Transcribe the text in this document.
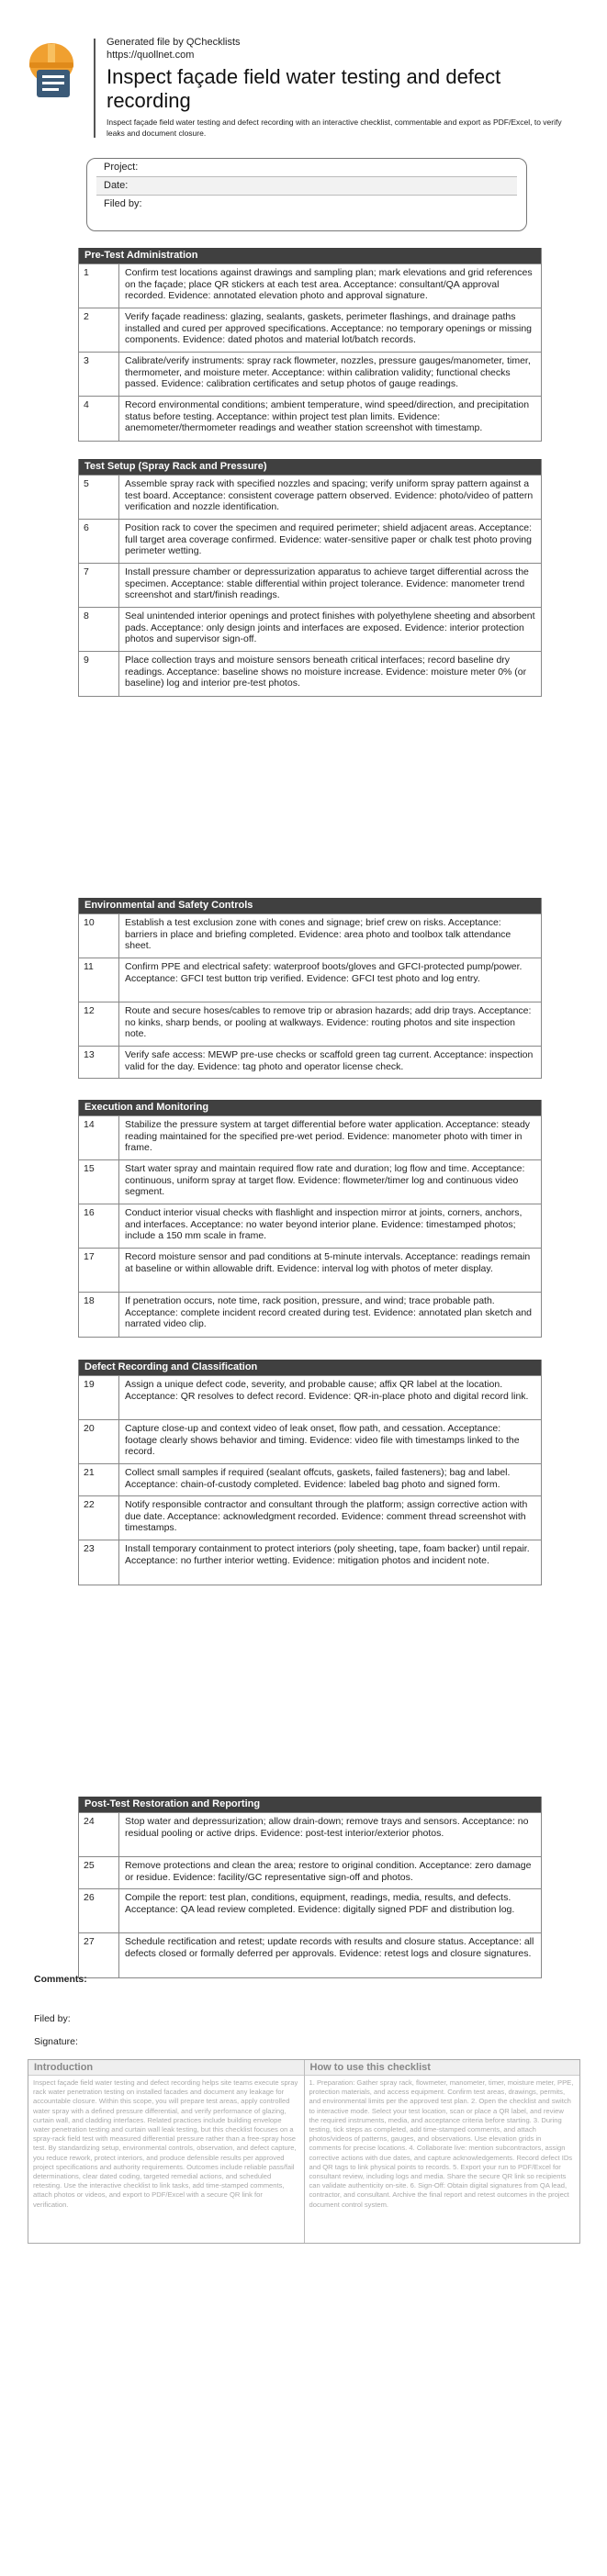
Generated file by QChecklists
https://quollnet.com
Inspect façade field water testing and defect recording
Inspect façade field water testing and defect recording with an interactive checklist, commentable and export as PDF/Excel, to verify leaks and document closure.
Project:
Date:
Filed by:
Pre-Test Administration
1	Confirm test locations against drawings and sampling plan; mark elevations and grid references on the façade; place QR stickers at each test area. Acceptance: consultant/QA approval recorded. Evidence: annotated elevation photo and approval signature.
2	Verify façade readiness: glazing, sealants, gaskets, perimeter flashings, and drainage paths installed and cured per approved specifications. Acceptance: no temporary openings or missing components. Evidence: dated photos and material lot/batch records.
3	Calibrate/verify instruments: spray rack flowmeter, nozzles, pressure gauges/manometer, timer, thermometer, and moisture meter. Acceptance: within calibration validity; functional checks passed. Evidence: calibration certificates and setup photos of gauge readings.
4	Record environmental conditions; ambient temperature, wind speed/direction, and precipitation status before testing. Acceptance: within project test plan limits. Evidence: anemometer/thermometer readings and weather station screenshot with timestamp.
Test Setup (Spray Rack and Pressure)
5	Assemble spray rack with specified nozzles and spacing; verify uniform spray pattern against a test board. Acceptance: consistent coverage pattern observed. Evidence: photo/video of pattern verification and nozzle identification.
6	Position rack to cover the specimen and required perimeter; shield adjacent areas. Acceptance: full target area coverage confirmed. Evidence: water-sensitive paper or chalk test photo proving perimeter wetting.
7	Install pressure chamber or depressurization apparatus to achieve target differential across the specimen. Acceptance: stable differential within project tolerance. Evidence: manometer trend screenshot and start/finish readings.
8	Seal unintended interior openings and protect finishes with polyethylene sheeting and absorbent pads. Acceptance: only design joints and interfaces are exposed. Evidence: interior protection photos and supervisor sign-off.
9	Place collection trays and moisture sensors beneath critical interfaces; record baseline dry readings. Acceptance: baseline shows no moisture increase. Evidence: moisture meter 0% (or baseline) log and interior pre-test photos.
Environmental and Safety Controls
10	Establish a test exclusion zone with cones and signage; brief crew on risks. Acceptance: barriers in place and briefing completed. Evidence: area photo and toolbox talk attendance sheet.
11	Confirm PPE and electrical safety: waterproof boots/gloves and GFCI-protected pump/power. Acceptance: GFCI test button trip verified. Evidence: GFCI test photo and log entry.
12	Route and secure hoses/cables to remove trip or abrasion hazards; add drip trays. Acceptance: no kinks, sharp bends, or pooling at walkways. Evidence: routing photos and site inspection note.
13	Verify safe access: MEWP pre-use checks or scaffold green tag current. Acceptance: inspection valid for the day. Evidence: tag photo and operator license check.
Execution and Monitoring
14	Stabilize the pressure system at target differential before water application. Acceptance: steady reading maintained for the specified pre-wet period. Evidence: manometer photo with timer in frame.
15	Start water spray and maintain required flow rate and duration; log flow and time. Acceptance: continuous, uniform spray at target flow. Evidence: flowmeter/timer log and continuous video segment.
16	Conduct interior visual checks with flashlight and inspection mirror at joints, corners, anchors, and interfaces. Acceptance: no water beyond interior plane. Evidence: timestamped photos; include a 150 mm scale in frame.
17	Record moisture sensor and pad conditions at 5-minute intervals. Acceptance: readings remain at baseline or within allowable drift. Evidence: interval log with photos of meter display.
18	If penetration occurs, note time, rack position, pressure, and wind; trace probable path. Acceptance: complete incident record created during test. Evidence: annotated plan sketch and narrated video clip.
Defect Recording and Classification
19	Assign a unique defect code, severity, and probable cause; affix QR label at the location. Acceptance: QR resolves to defect record. Evidence: QR-in-place photo and digital record link.
20	Capture close-up and context video of leak onset, flow path, and cessation. Acceptance: footage clearly shows behavior and timing. Evidence: video file with timestamps linked to the record.
21	Collect small samples if required (sealant offcuts, gaskets, failed fasteners); bag and label. Acceptance: chain-of-custody completed. Evidence: labeled bag photo and signed form.
22	Notify responsible contractor and consultant through the platform; assign corrective action with due date. Acceptance: acknowledgment recorded. Evidence: comment thread screenshot with timestamps.
23	Install temporary containment to protect interiors (poly sheeting, tape, foam backer) until repair. Acceptance: no further interior wetting. Evidence: mitigation photos and incident note.
Post-Test Restoration and Reporting
24	Stop water and depressurization; allow drain-down; remove trays and sensors. Acceptance: no residual pooling or active drips. Evidence: post-test interior/exterior photos.
25	Remove protections and clean the area; restore to original condition. Acceptance: zero damage or residue. Evidence: facility/GC representative sign-off and photos.
26	Compile the report: test plan, conditions, equipment, readings, media, results, and defects. Acceptance: QA lead review completed. Evidence: digitally signed PDF and distribution log.
27	Schedule rectification and retest; update records with results and closure status. Acceptance: all defects closed or formally deferred per approvals. Evidence: retest logs and closure signatures.
Comments:
Filed by:
Signature:
Introduction
Inspect façade field water testing and defect recording helps site teams execute spray rack water penetration testing on installed facades and document any leakage for accountable closure. Within this scope, you will prepare test areas, apply controlled water spray with a defined pressure differential, and verify performance of glazing, curtain wall, and cladding interfaces. Related practices include building envelope water penetration testing and curtain wall leak testing, but this checklist focuses on a spray-rack field test with measured differential pressure rather than a free-spray hose test. By standardizing setup, environmental controls, observation, and defect capture, you reduce rework, protect interiors, and produce defensible results per approved project specifications and authority requirements. Outcomes include reliable pass/fail determinations, clear dated coding, targeted remedial actions, and scheduled retesting. Use the interactive checklist to link tasks, add time-stamped comments, attach photos or videos, and export to PDF/Excel with a secure QR link for verification.
How to use this checklist
1. Preparation: Gather spray rack, flowmeter, manometer, timer, moisture meter, PPE, protection materials, and access equipment. Confirm test areas, drawings, permits, and environmental limits per the approved test plan. 2. Open the checklist and switch to interactive mode. Select your test location, scan or place a QR label, and review the required instruments, media, and acceptance criteria before starting. 3. During testing, tick steps as completed, add time-stamped comments, and attach photos/videos of patterns, gauges, and observations. Use elevation grids in comments for precise locations. 4. Collaborate live: mention subcontractors, assign corrective actions with due dates, and capture acknowledgements. Record defect IDs and QR tags to link physical points to records. 5. Export your run to PDF/Excel for consultant review, including logs and media. Share the secure QR link so recipients can validate authenticity on-site. 6. Sign-Off: Obtain digital signatures from QA lead, contractor, and consultant. Archive the final report and retest outcomes in the project document control system.
